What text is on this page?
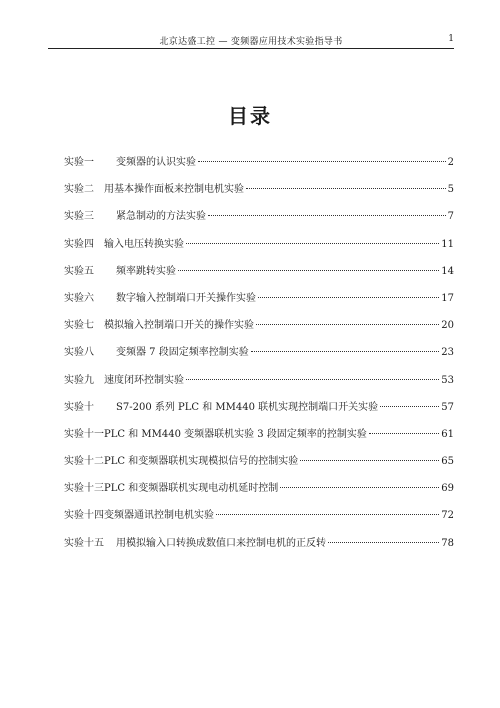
北京达盛工控 — 变频器应用技术实验指导书	1
目录
实验一	变频器的认识实验	2
实验二	用基本操作面板来控制电机实验	5
实验三	紧急制动的方法实验	7
实验四	输入电压转换实验	11
实验五	频率跳转实验	14
实验六	数字输入控制端口开关操作实验	17
实验七	模拟输入控制端口开关的操作实验	20
实验八	变频器 7 段固定频率控制实验	23
实验九	速度闭环控制实验	53
实验十	S7-200 系列 PLC 和 MM440 联机实现控制端口开关实验	57
实验十一 PLC 和 MM440 变频器联机实验 3 段固定频率的控制实验	61
实验十二 PLC 和变频器联机实现模拟信号的控制实验	65
实验十三 PLC 和变频器联机实现电动机延时控制	69
实验十四 变频器通讯控制电机实验	72
实验十五	用模拟输入口转换成数值口来控制电机的正反转	78
